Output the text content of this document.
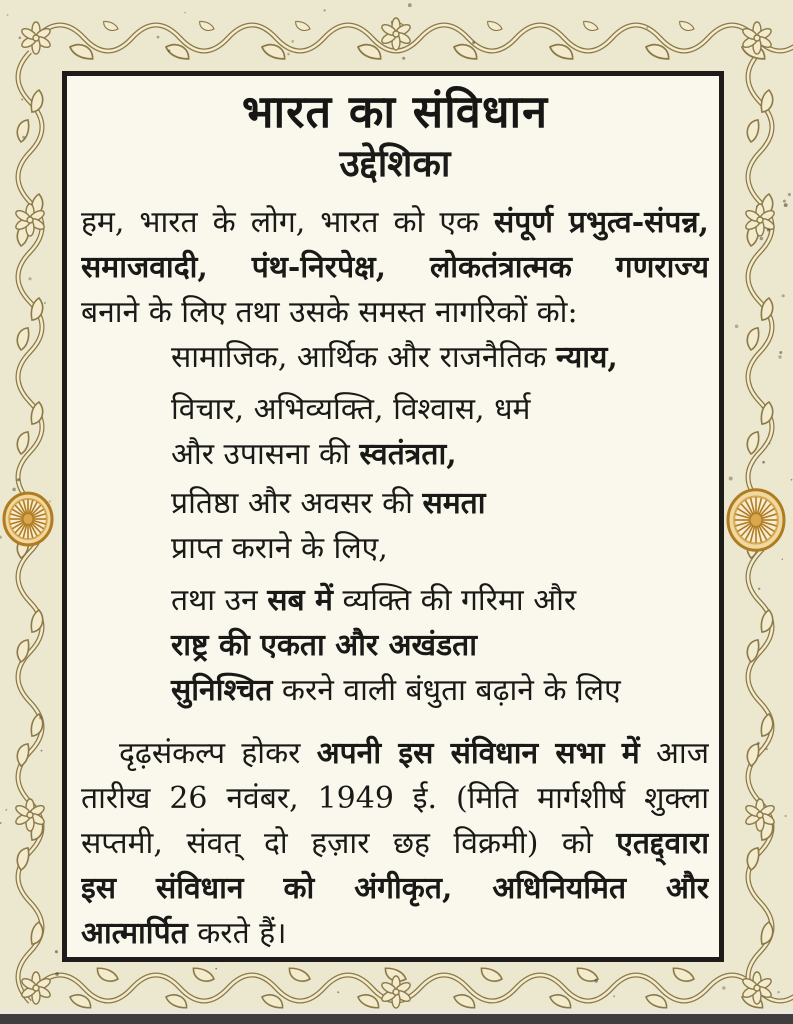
भारत का संविधान
उद्देशिका
हम, भारत के लोग, भारत को एक संपूर्ण प्रभुत्व-संपन्न,
समाजवादी, पंथ-निरपेक्ष, लोकतंत्रात्मक गणराज्य
बनाने के लिए तथा उसके समस्त नागरिकों को:
सामाजिक, आर्थिक और राजनैतिक न्याय,
विचार, अभिव्यक्ति, विश्वास, धर्म
और उपासना की स्वतंत्रता,
प्रतिष्ठा और अवसर की समता
प्राप्त कराने के लिए,
तथा उन सब में व्यक्ति की गरिमा और
राष्ट्र की एकता और अखंडता
सुनिश्चित करने वाली बंधुता बढ़ाने के लिए
दृढ़संकल्प होकर अपनी इस संविधान सभा में आज
तारीख 26 नवंबर, 1949 ई. (मिति मार्गशीर्ष शुक्ला
सप्तमी, संवत् दो हज़ार छह विक्रमी) को एतद्द्वारा
इस संविधान को अंगीकृत, अधिनियमित और
आत्मार्पित करते हैं।
